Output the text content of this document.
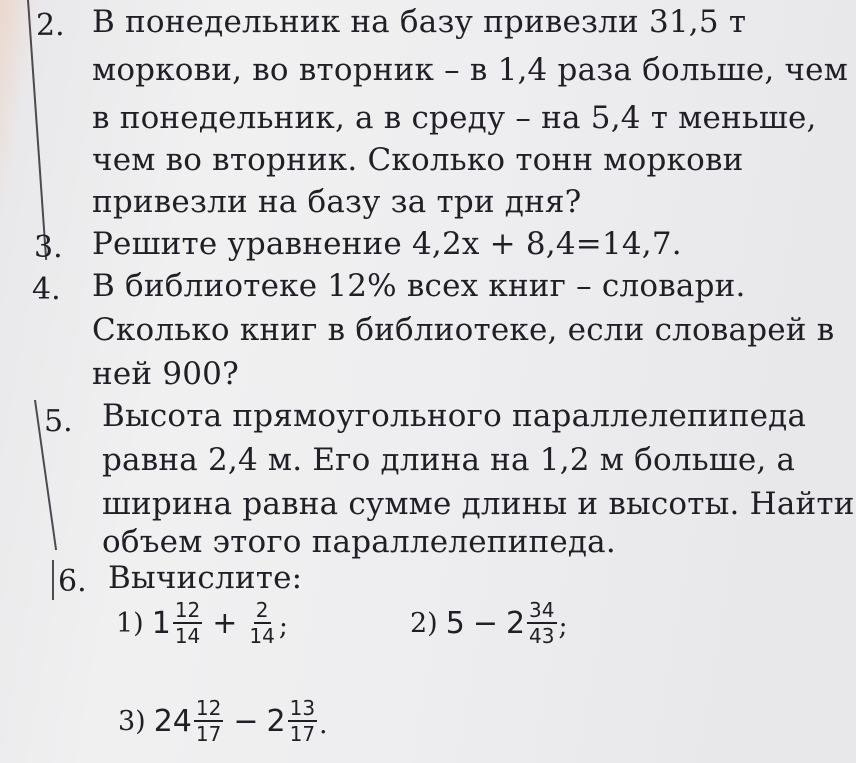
2. В понедельник на базу привезли 31,5 т
моркови, во вторник – в 1,4 раза больше, чем
в понедельник, а в среду – на 5,4 т меньше,
чем во вторник. Сколько тонн моркови
привезли на базу за три дня?
3. Решите уравнение 4,2х + 8,4=14,7.
4. В библиотеке 12% всех книг – словари.
Сколько книг в библиотеке, если словарей в
ней 900?
5. Высота прямоугольного параллелепипеда
равна 2,4 м. Его длина на 1,2 м больше, а
ширина равна сумме длины и высоты. Найти
объем этого параллелепипеда.
6. Вычислите:
1) $1 \frac{12}{14} + \frac{2}{14}$ ;	2) $5 - 2 \frac{34}{43}$ ;
3) $24 \frac{12}{17} - 2 \frac{13}{17}$ .
